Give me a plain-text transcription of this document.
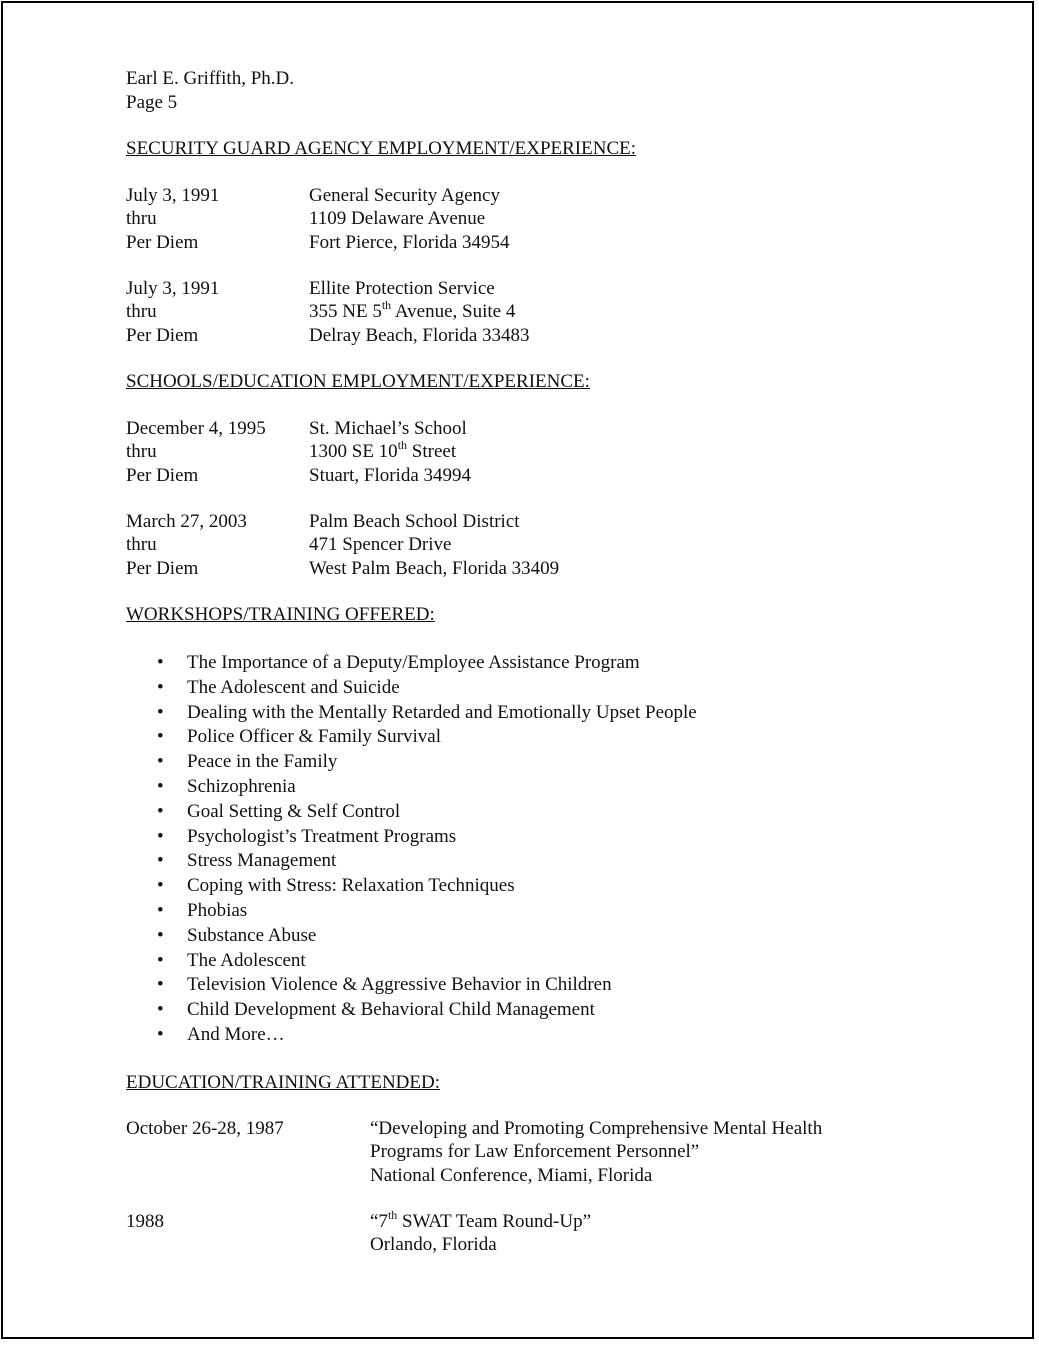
Earl E. Griffith, Ph.D.
Page 5
SECURITY GUARD AGENCY EMPLOYMENT/EXPERIENCE:
July 3, 1991	General Security Agency
thru	1109 Delaware Avenue
Per Diem	Fort Pierce, Florida 34954
July 3, 1991	Ellite Protection Service
thru	355 NE 5th Avenue, Suite 4
Per Diem	Delray Beach, Florida 33483
SCHOOLS/EDUCATION EMPLOYMENT/EXPERIENCE:
December 4, 1995 St. Michael’s School
thru	1300 SE 10th Street
Per Diem	Stuart, Florida 34994
March 27, 2003	Palm Beach School District
thru	471 Spencer Drive
Per Diem	West Palm Beach, Florida 33409
WORKSHOPS/TRAINING OFFERED:
•	The Importance of a Deputy/Employee Assistance Program
•	The Adolescent and Suicide
•	Dealing with the Mentally Retarded and Emotionally Upset People
•	Police Officer & Family Survival
•	Peace in the Family
•	Schizophrenia
•	Goal Setting & Self Control
•	Psychologist’s Treatment Programs
•	Stress Management
•	Coping with Stress: Relaxation Techniques
•	Phobias
•	Substance Abuse
•	The Adolescent
•	Television Violence & Aggressive Behavior in Children
•	Child Development & Behavioral Child Management
•	And More…
EDUCATION/TRAINING ATTENDED:
October 26-28, 1987	“Developing and Promoting Comprehensive Mental Health
Programs for Law Enforcement Personnel”
National Conference, Miami, Florida
1988	“7th SWAT Team Round-Up”
Orlando, Florida
